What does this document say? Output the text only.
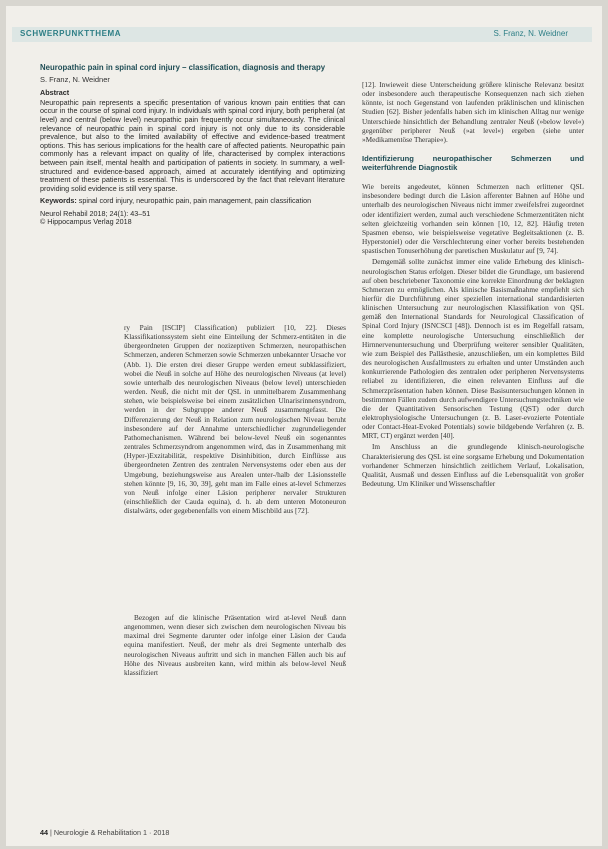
SCHWERPUNKTTHEMA	S. Franz, N. Weidner

Neuropathic pain in spinal cord injury – classification, diagnosis and therapy

S. Franz, N. Weidner

Abstract

Neuropathic pain represents a specific presentation of various known pain entities that can occur in the course of spinal cord injury. In individuals with spinal cord injury, both peripheral (at level) and central (below level) neuropathic pain frequently occur simultaneously. The clinical relevance of neuropathic pain in spinal cord injury is not only due to its considerable prevalence, but also to the limited availability of effective and evidence-based treatment options. This has serious implications for the health care of affected patients. Neuropathic pain commonly has a relevant impact on quality of life, characterised by complex interactions between pain itself, mental health and participation of patients in society. In summary, a well-structured and evidence-based approach, aimed at accurately identifying and optimizing treatment of these patients is essential. This is underscored by the fact that relevant literature providing solid evidence is still very sparse.

Keywords: spinal cord injury, neuropathic pain, pain management, pain classification

Neurol Rehabil 2018; 24(1): 43–51
© Hippocampus Verlag 2018

ry Pain [ISCIP] Classification) publiziert [10, 22]. Dieses Klassifikationssystem sieht eine Einteilung der Schmerz-entitäten in die übergeordneten Gruppen der nozizeptiven Schmerzen, neuropathischen Schmerzen, anderen Schmerzen sowie Schmerzen unbekannter Ursache vor (Abb. 1). Die ersten drei dieser Gruppe werden erneut subklassifiziert, wobei die Neuß in solche auf Höhe des neurologischen Niveaus (at level) sowie unterhalb des neurologischen Niveaus (below level) unterschieden werden. Neuß, die nicht mit der QSL in unmittelbarem Zusammenhang stehen, wie beispielsweise bei einem zusätzlichen Ulnarisrinnensyndrom, werden in der Subgruppe anderer Neuß zusammengefasst. Die Differenzierung der Neuß in Relation zum neurologischen Niveau beruht insbesondere auf der Annahme unterschiedlicher zugrundeliegender Pathomechanismen. Während bei below-level Neuß ein sogenanntes zentrales Schmerzsyndrom angenommen wird, das in Zusammenhang mit (Hyper-)Exzitabilität, respektive Disinhibition, durch Einflüsse aus übergeordneten Zentren des zentralen Nervensystems oder eben aus der Umgebung, beziehungsweise aus Arealen unter-/halb der Läsionsstelle stehen könnte [9, 16, 30, 39], geht man im Falle eines at-level Schmerzes von Neuß infolge einer Läsion peripherer nervaler Strukturen (einschließlich der Cauda equina), d. h. ab dem unteren Motoneuron distalwärts, oder gegebenenfalls von einem Mischbild aus [72].

Bezogen auf die klinische Präsentation wird at-level Neuß dann angenommen, wenn dieser sich zwischen dem neurologischen Niveau bis maximal drei Segmente darunter oder infolge einer Läsion der Cauda equina manifestiert. Neuß, der mehr als drei Segmente unterhalb des neurologischen Niveaus auftritt und sich in manchen Fällen auch bis auf Höhe des Niveaus ausbreiten kann, wird mithin als below-level Neuß klassifiziert

[12]. Inwieweit diese Unterscheidung größere klinische Relevanz besitzt oder insbesondere auch therapeutische Konsequenzen nach sich ziehen könnte, ist noch Gegenstand von laufenden präklinischen und klinischen Studien [62]. Bisher jedenfalls haben sich im klinischen Alltag nur wenige Unterschiede hinsichtlich der Behandlung zentraler Neuß (»below level«) gegenüber peripherer Neuß (»at level«) ergeben (siehe unter »Medikamentöse Therapie«).

Identifizierung neuropathischer Schmerzen und weiterführende Diagnostik

Wie bereits angedeutet, können Schmerzen nach erlittener QSL insbesondere bedingt durch die Läsion afferenter Bahnen auf Höhe und unterhalb des neurologischen Niveaus nicht immer zweifelsfrei zugeordnet oder identifiziert werden, zumal auch verschiedene Schmerzentitäten nicht selten gleichzeitig vorhanden sein können [10, 12, 82]. Häufig treten Spasmen ebenso, wie beispielsweise vegetative Begleitsaktionen (z. B. Hyperstoniel) oder die Verschlechterung einer vorher bereits bestehenden spastischen Tonuserhöhung der paretischen Muskulatur auf [9, 74].

Demgemäß sollte zunächst immer eine valide Erhebung des klinisch-neurologischen Status erfolgen. Dieser bildet die Grundlage, um basierend auf oben beschriebener Taxonomie eine korrekte Einordnung der beklagten Schmerzen zu ermöglichen. Als klinische Basismaßnahme empfiehlt sich hierfür die Durchführung einer speziellen international standardisierten klinischen Untersuchung zur neurologischen Klassifikation von QSL gemäß den International Standards for Neurological Classification of Spinal Cord Injury (ISNCSCI [48]). Dennoch ist es im Regelfall ratsam, eine komplette neurologische Untersuchung einschließlich der Hirnnervenuntersuchung und Überprüfung weiterer sensibler Qualitäten, wie zum Beispiel des Pallästhesie, anzuschließen, um ein komplettes Bild des neurologischen Ausfallmusters zu erhalten und unter Umständen auch konkurrierende Pathologien des zentralen oder peripheren Nervensystems reliabel zu identifizieren, die einen relevanten Einfluss auf die Schmerzpräsentation haben können. Diese Basisuntersuchungen können in bestimmten Fällen zudem durch aufwendigere Untersuchungstechniken wie die der Quantitativen Sensorischen Testung (QST) oder durch elektrophysiologische Untersuchungen (z. B. Laser-evozierte Potentiale oder Contact-Heat-Evoked Potentials) sowie bildgebende Verfahren (z. B. MRT, CT) ergänzt werden [40].

Im Anschluss an die grundlegende klinisch-neurologische Charakterisierung des QSL ist eine sorgsame Erhebung und Dokumentation vorhandener Schmerzen hinsichtlich zeitlichem Verlauf, Lokalisation, Qualität, Ausmaß und dessen Einfluss auf die Lebensqualität von großer Bedeutung. Um Kliniker und Wissenschaftler

44 | Neurologie & Rehabilitation 1 · 2018
